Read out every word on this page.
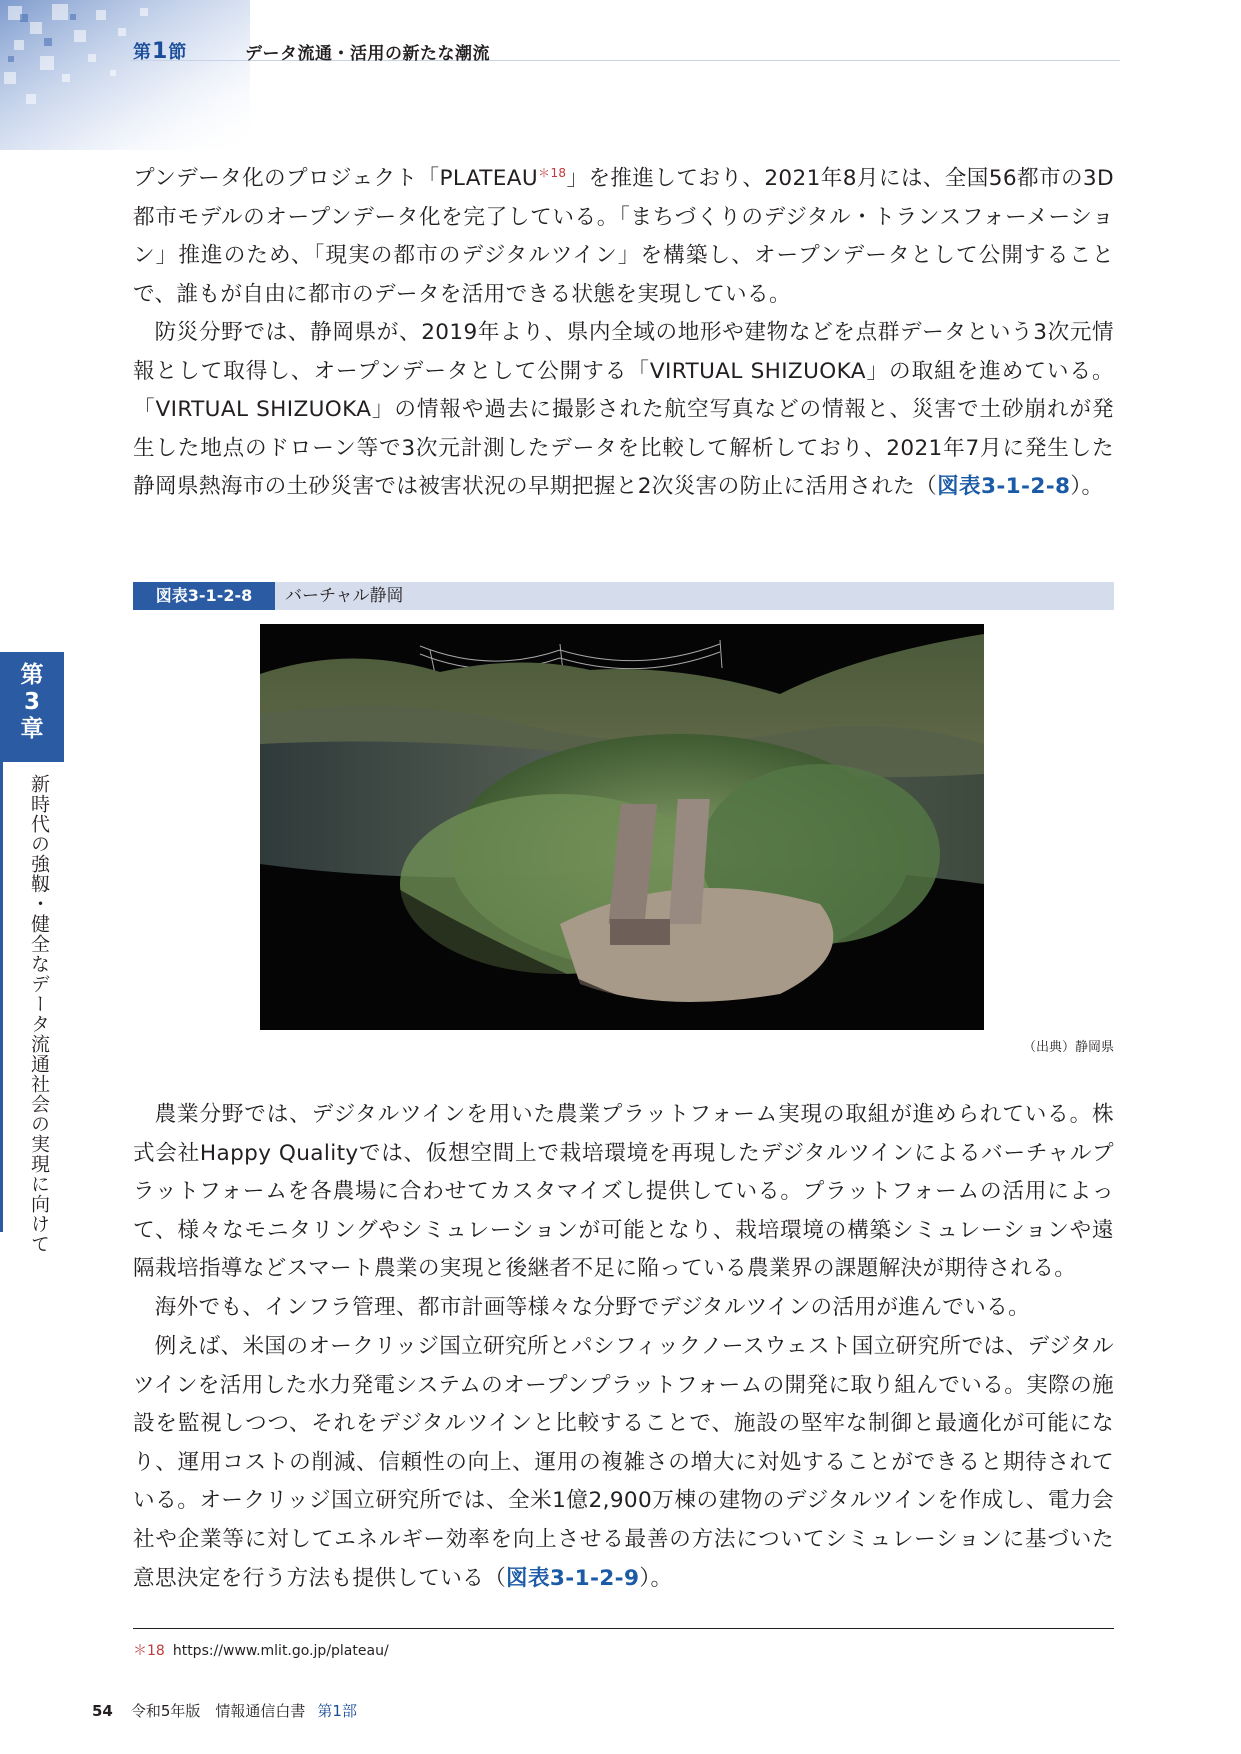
第1節	データ流通・活用の新たな潮流

プンデータ化のプロジェクト「$PLATEAU^{*18}$」を推進しており、2021年8月には、全国56都市の3D都市モデルのオープンデータ化を完了している。「まちづくりのデジタル・トランスフォーメーション」推進のため、「現実の都市のデジタルツイン」を構築し、オープンデータとして公開することで、誰もが自由に都市のデータを活用できる状態を実現している。

防災分野では、静岡県が、2019年より、県内全域の地形や建物などを点群データという3次元情報として取得し、オープンデータとして公開する「VIRTUAL SHIZUOKA」の取組を進めている。「VIRTUAL SHIZUOKA」の情報や過去に撮影された航空写真などの情報と、災害で土砂崩れが発生した地点のドローン等で3次元計測したデータを比較して解析しており、2021年7月に発生した静岡県熱海市の土砂災害では被害状況の早期把握と2次災害の防止に活用された（図表3-1-2-8）。

図表3-1-2-8	バーチャル静岡
（出典）静岡県
第
3
章
新時代の強靱・健全なデータ流通社会の実現に向けて	農業分野では、デジタルツインを用いた農業プラットフォーム実現の取組が進められている。株式会社Happy Qualityでは、仮想空間上で栽培環境を再現したデジタルツインによるバーチャルプラットフォームを各農場に合わせてカスタマイズし提供している。プラットフォームの活用によって、様々なモニタリングやシミュレーションが可能となり、栽培環境の構築シミュレーションや遠隔栽培指導などスマート農業の実現と後継者不足に陥っている農業界の課題解決が期待される。

海外でも、インフラ管理、都市計画等様々な分野でデジタルツインの活用が進んでいる。

例えば、米国のオークリッジ国立研究所とパシフィックノースウェスト国立研究所では、デジタルツインを活用した水力発電システムのオープンプラットフォームの開発に取り組んでいる。実際の施設を監視しつつ、それをデジタルツインと比較することで、施設の堅牢な制御と最適化が可能になり、運用コストの削減、信頼性の向上、運用の複雑さの増大に対処することができると期待されている。オークリッジ国立研究所では、全米1億2,900万棟の建物のデジタルツインを作成し、電力会社や企業等に対してエネルギー効率を向上させる最善の方法についてシミュレーションに基づいた意思決定を行う方法も提供している（図表3-1-2-9）。

＊18 https://www.mlit.go.jp/plateau/
54 令和5年版　情報通信白書 第1部
